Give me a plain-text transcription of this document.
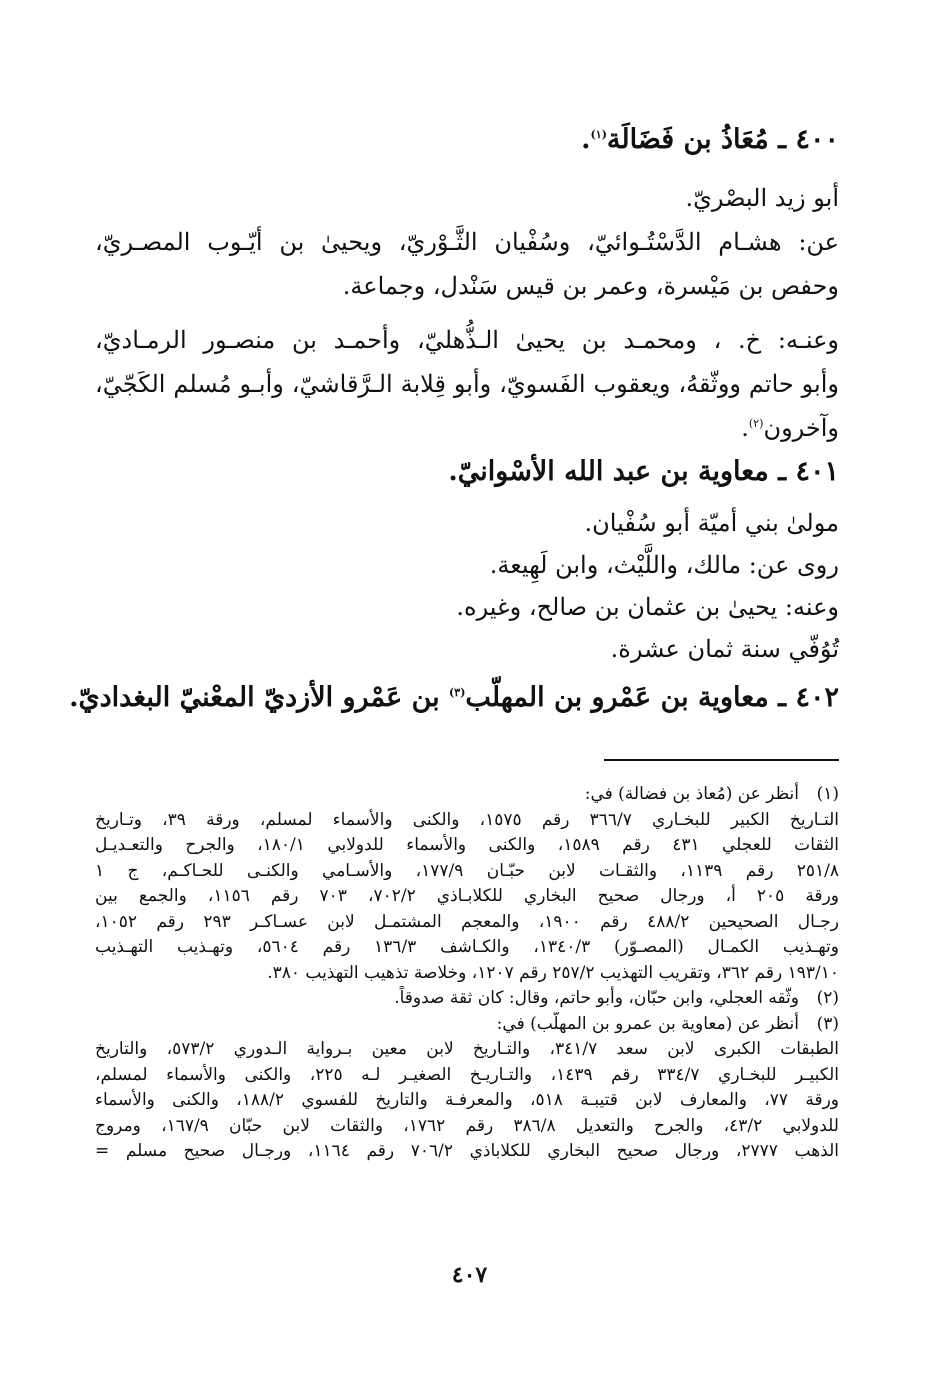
٤٠٠ ـ مُعَاذُ بن فَضَالَة$^{(١)}$.
أبو زيد البصْريّ.
عن: هشـام الدَّسْتُـوائيّ، وسُفْيان الثَّـوْريّ، ويحيىٰ بن أيّـوب المصـريّ،
وحفص بن مَيْسرة، وعمر بن قيس سَنْدل، وجماعة.
وعنـه: خ. ، ومحمـد بن يحيىٰ الـذُّهليّ، وأحمـد بن منصـور الرمـاديّ،
وأبو حاتم ووثّقهُ، ويعقوب الفَسويّ، وأبو قِلابة الـرَّقاشيّ، وأبـو مُسلم الكَجّيّ،
وآخرون$^{(٢)}$.
٤٠١ ـ معاوية بن عبد الله الأسْوانيّ.
مولىٰ بني أميّة أبو سُفْيان.
روى عن: مالك، واللَّيْث، وابن لَهِيعة.
وعنه: يحيىٰ بن عثمان بن صالح، وغيره.
تُوُفّي سنة ثمان عشرة.
٤٠٢ ـ معاوية بن عَمْرو بن المهلّب$^{(٣)}$ بن عَمْرو الأزديّ المعْنيّ البغداديّ.
(١)
أنظر عن (مُعاذ بن فضالة) في:
التـاريخ الكبير للبخـاري ٣٦٦/٧ رقم ١٥٧٥، والكنى والأسماء لمسلم، ورقة ٣٩، وتـاريخ
الثقات للعجلي ٤٣١ رقم ١٥٨٩، والكنى والأسماء للدولابي ١٨٠/١، والجرح والتعـديـل
٢٥١/٨ رقم ١١٣٩، والثقـات لابن حبّـان ١٧٧/٩، والأسـامي والكنـى للحـاكـم، ج ١
ورقة ٢٠٥ أ، ورجال صحيح البخاري للكلابـاذي ٧٠٢/٢، ٧٠٣ رقم ١١٥٦، والجمع بين
رجـال الصحيحين ٤٨٨/٢ رقم ١٩٠٠، والمعجم المشتمـل لابن عسـاكـر ٢٩٣ رقم ١٠٥٢،
وتهـذيب الكمـال (المصـوّر) ١٣٤٠/٣، والكـاشف ١٣٦/٣ رقم ٥٦٠٤، وتهـذيب التهـذيب
١٩٣/١٠ رقم ٣٦٢، وتقريب التهذيب ٢٥٧/٢ رقم ١٢٠٧، وخلاصة تذهيب التهذيب ٣٨٠.
(٢)
وثّقه العجلي، وابن حبّان، وأبو حاتم، وقال: كان ثقة صدوقاً.
(٣)
أنظر عن (معاوية بن عمرو بن المهلّب) في:
الطبقات الكبرى لابن سعد ٣٤١/٧، والتـاريخ لابن معين بـرواية الـدوري ٥٧٣/٢، والتاريخ
الكبيـر للبخـاري ٣٣٤/٧ رقم ١٤٣٩، والتـاريـخ الصغيـر لـه ٢٢٥، والكنى والأسماء لمسلم،
ورقة ٧٧، والمعارف لابن قتيبـة ٥١٨، والمعرفـة والتاريخ للفسوي ١٨٨/٢، والكنى والأسماء
للدولابي ٤٣/٢، والجرح والتعديل ٣٨٦/٨ رقم ١٧٦٢، والثقات لابن حبّان ١٦٧/٩، ومروج
الذهب ٢٧٧٧، ورجال صحيح البخاري للكلاباذي ٧٠٦/٢ رقم ١١٦٤، ورجـال صحيح مسلم =
٤٠٧
